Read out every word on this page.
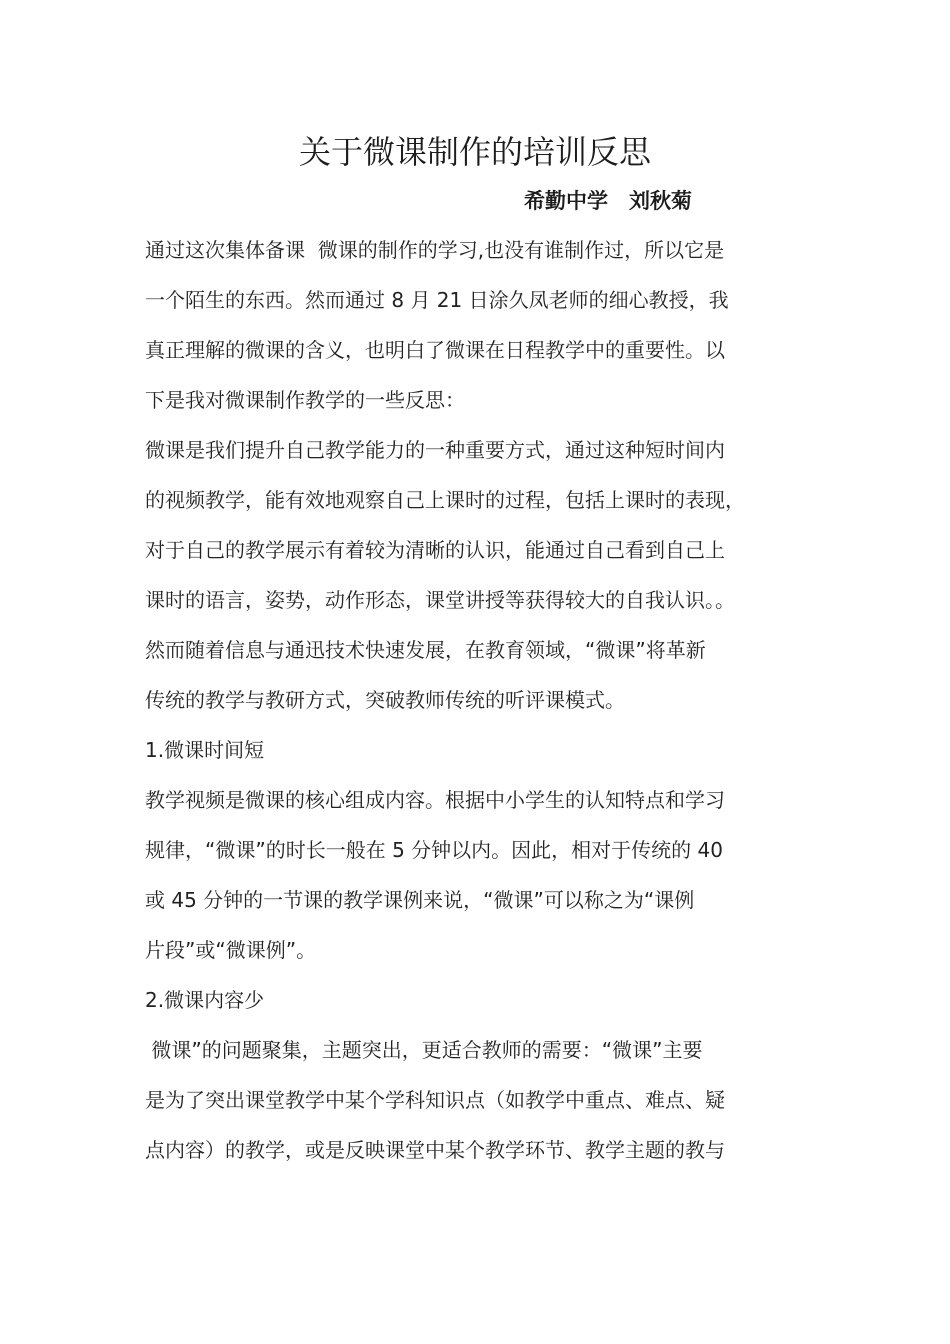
关于微课制作的培训反思
希勤中学　刘秋菊
通过这次集体备课  微课的制作的学习,也没有谁制作过，所以它是
一个陌生的东西。然而通过 8 月 21 日涂久凤老师的细心教授，我
真正理解的微课的含义，也明白了微课在日程教学中的重要性。以
下是我对微课制作教学的一些反思：
微课是我们提升自己教学能力的一种重要方式，通过这种短时间内
的视频教学，能有效地观察自己上课时的过程，包括上课时的表现，
对于自己的教学展示有着较为清晰的认识，能通过自己看到自己上
课时的语言，姿势，动作形态，课堂讲授等获得较大的自我认识。。
然而随着信息与通迅技术快速发展，在教育领域，“微课”将革新
传统的教学与教研方式，突破教师传统的听评课模式。
1.微课时间短
教学视频是微课的核心组成内容。根据中小学生的认知特点和学习
规律，“微课”的时长一般在 5 分钟以内。因此，相对于传统的 40
或 45 分钟的一节课的教学课例来说，“微课”可以称之为“课例
片段”或“微课例”。
2.微课内容少
微课”的问题聚集，主题突出，更适合教师的需要：“微课”主要
是为了突出课堂教学中某个学科知识点（如教学中重点、难点、疑
点内容）的教学，或是反映课堂中某个教学环节、教学主题的教与
